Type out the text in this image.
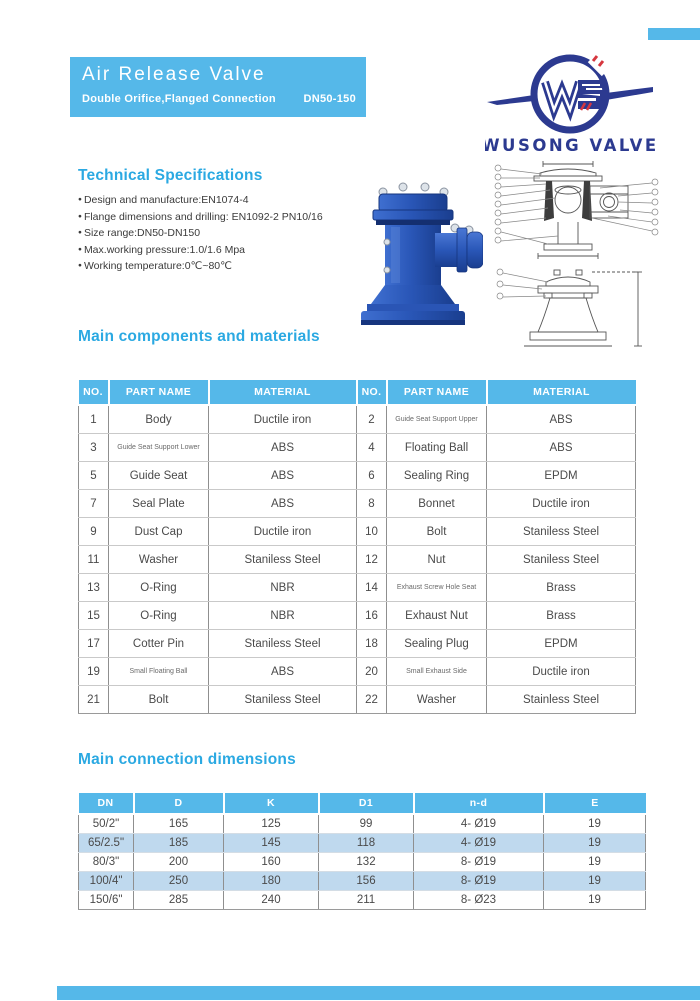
Air Release Valve
Double Orifice,Flanged Connection	DN50-150
WUSONG VALVE
Technical Specifications
● Design and manufacture:EN1074-4
● Flange dimensions and drilling: EN1092-2 PN10/16
● Size range:DN50-DN150
● Max.working pressure:1.0/1.6 Mpa
● Working temperature:0℃~80℃
Main components and materials
NO.	PART NAME	MATERIAL	NO.	PART NAME	MATERIAL
1	Body	Ductile iron	2	Guide Seat Support Upper	ABS
3	Guide Seat Support Lower	ABS	4	Floating Ball	ABS
5	Guide Seat	ABS	6	Sealing Ring	EPDM
7	Seal Plate	ABS	8	Bonnet	Ductile iron
9	Dust Cap	Ductile iron	10	Bolt	Staniless Steel
11	Washer	Staniless Steel	12	Nut	Staniless Steel
13	O-Ring	NBR	14	Exhaust Screw Hole Seat	Brass
15	O-Ring	NBR	16	Exhaust Nut	Brass
17	Cotter Pin	Staniless Steel	18	Sealing Plug	EPDM
19	Small Floating Ball	ABS	20	Small Exhaust Side	Ductile iron
21	Bolt	Staniless Steel	22	Washer	Stainless Steel
Main connection dimensions
DN	D	K	D1	n-d	E
50/2"	165	125	99	4- Ø19	19
65/2.5"	185	145	118	4- Ø19	19
80/3"	200	160	132	8- Ø19	19
100/4"	250	180	156	8- Ø19	19
150/6"	285	240	211	8- Ø23	19
